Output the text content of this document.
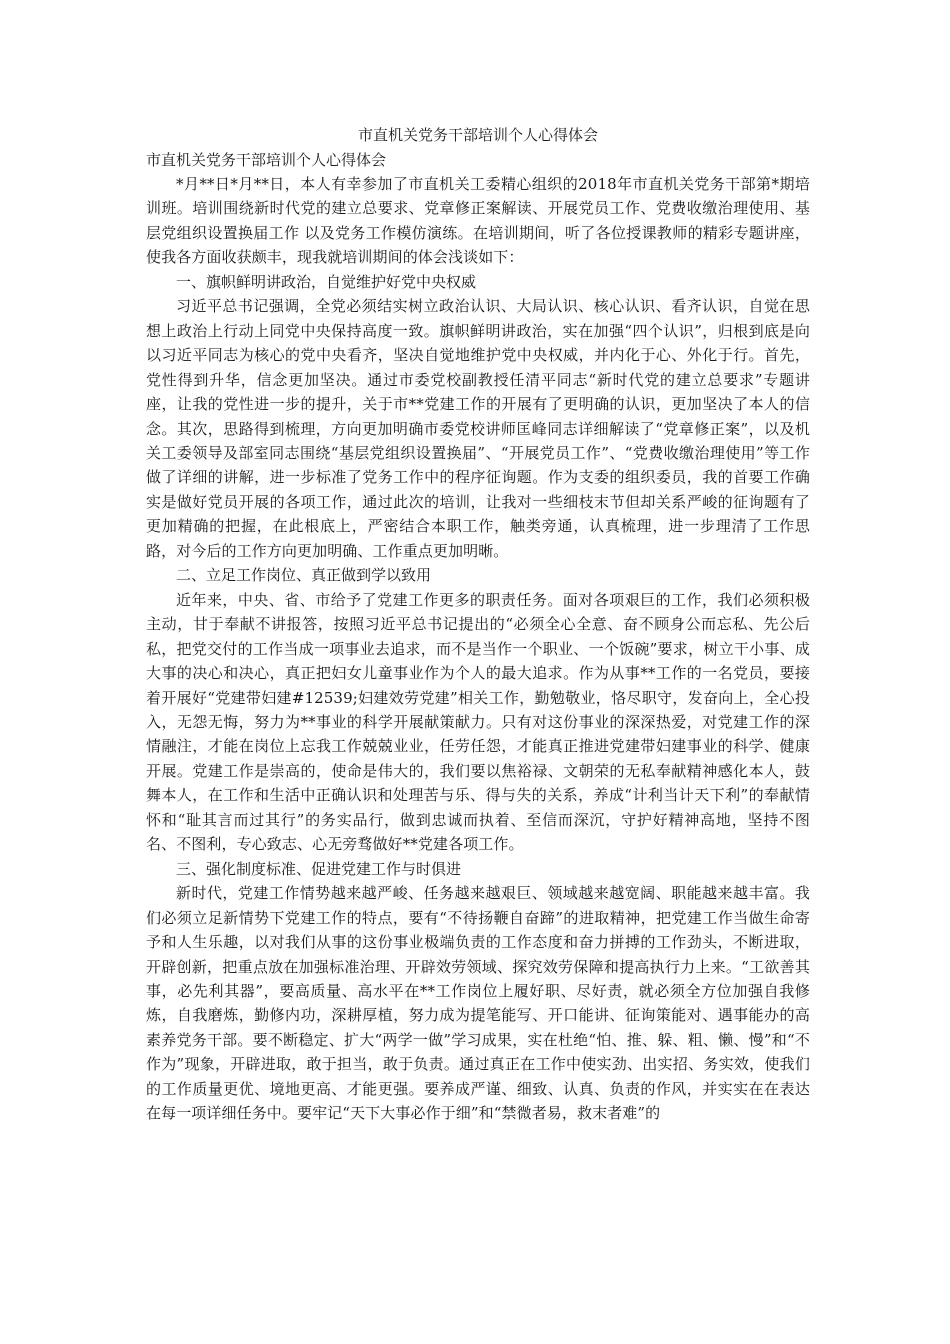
市直机关党务干部培训个人心得体会
市直机关党务干部培训个人心得体会

*月**日*月**日，本人有幸参加了市直机关工委精心组织的2018年市直机关党务干部第*期培训班。培训围绕新时代党的建立总要求、党章修正案解读、开展党员工作、党费收缴治理使用、基层党组织设置换届工作 以及党务工作模仿演练。在培训期间，听了各位授课教师的精彩专题讲座，使我各方面收获颇丰，现我就培训期间的体会浅谈如下：

一、旗帜鲜明讲政治，自觉维护好党中央权威

习近平总书记强调，全党必须结实树立政治认识、大局认识、核心认识、看齐认识，自觉在思想上政治上行动上同党中央保持高度一致。旗帜鲜明讲政治，实在加强“四个认识”，归根到底是向以习近平同志为核心的党中央看齐，坚决自觉地维护党中央权威，并内化于心、外化于行。首先，党性得到升华，信念更加坚决。通过市委党校副教授任清平同志“新时代党的建立总要求”专题讲座，让我的党性进一步的提升，关于市**党建工作的开展有了更明确的认识，更加坚决了本人的信念。其次，思路得到梳理，方向更加明确市委党校讲师匡峰同志详细解读了“党章修正案”，以及机关工委领导及部室同志围绕“基层党组织设置换届”、“开展党员工作”、“党费收缴治理使用”等工作做了详细的讲解，进一步标准了党务工作中的程序征询题。作为支委的组织委员，我的首要工作确实是做好党员开展的各项工作，通过此次的培训，让我对一些细枝末节但却关系严峻的征询题有了更加精确的把握，在此根底上，严密结合本职工作，触类旁通，认真梳理，进一步理清了工作思路，对今后的工作方向更加明确、工作重点更加明晰。

二、立足工作岗位、真正做到学以致用

近年来，中央、省、市给予了党建工作更多的职责任务。面对各项艰巨的工作，我们必须积极主动，甘于奉献不讲报答，按照习近平总书记提出的“必须全心全意、奋不顾身公而忘私、先公后私，把党交付的工作当成一项事业去追求，而不是当作一个职业、一个饭碗”要求，树立干小事、成大事的决心和决心，真正把妇女儿童事业作为个人的最大追求。作为从事**工作的一名党员，要接着开展好“党建带妇建#12539;妇建效劳党建”相关工作，勤勉敬业，恪尽职守，发奋向上，全心投入，无怨无悔，努力为**事业的科学开展献策献力。只有对这份事业的深深热爱，对党建工作的深情融注，才能在岗位上忘我工作兢兢业业，任劳任怨，才能真正推进党建带妇建事业的科学、健康开展。党建工作是崇高的，使命是伟大的，我们要以焦裕禄、文朝荣的无私奉献精神感化本人，鼓舞本人，在工作和生活中正确认识和处理苦与乐、得与失的关系，养成“计利当计天下利”的奉献情怀和“耻其言而过其行”的务实品行，做到忠诚而执着、至信而深沉，守护好精神高地，坚持不图名、不图利，专心致志、心无旁骛做好**党建各项工作。

三、强化制度标准、促进党建工作与时俱进

新时代，党建工作情势越来越严峻、任务越来越艰巨、领域越来越宽阔、职能越来越丰富。我们必须立足新情势下党建工作的特点，要有“不待扬鞭自奋蹄”的进取精神，把党建工作当做生命寄予和人生乐趣，以对我们从事的这份事业极端负责的工作态度和奋力拼搏的工作劲头，不断进取，开辟创新，把重点放在加强标准治理、开辟效劳领域、探究效劳保障和提高执行力上来。“工欲善其事，必先利其器”，要高质量、高水平在**工作岗位上履好职、尽好责，就必须全方位加强自我修炼，自我磨炼，勤修内功，深耕厚植，努力成为提笔能写、开口能讲、征询策能对、遇事能办的高素养党务干部。要不断稳定、扩大“两学一做”学习成果，实在杜绝“怕、推、躲、粗、懒、慢”和“不作为”现象，开辟进取，敢于担当，敢于负责。通过真正在工作中使实劲、出实招、务实效，使我们的工作质量更优、境地更高、才能更强。要养成严谨、细致、认真、负责的作风，并实实在在表达在每一项详细任务中。要牢记“天下大事必作于细”和“禁微者易，救末者难”的
